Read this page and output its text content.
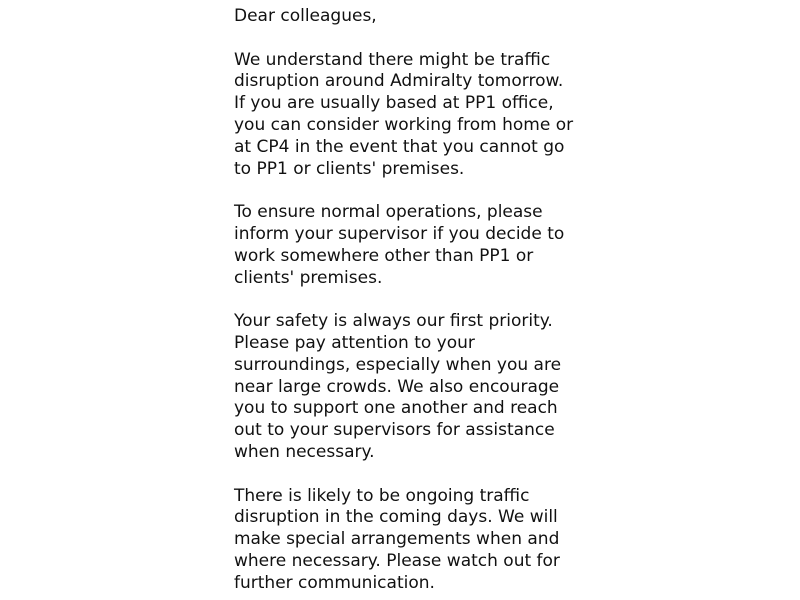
Dear colleagues,
We understand there might be traffic
disruption around Admiralty tomorrow.
If you are usually based at PP1 office,
you can consider working from home or
at CP4 in the event that you cannot go
to PP1 or clients' premises.
To ensure normal operations, please
inform your supervisor if you decide to
work somewhere other than PP1 or
clients' premises.
Your safety is always our first priority.
Please pay attention to your
surroundings, especially when you are
near large crowds. We also encourage
you to support one another and reach
out to your supervisors for assistance
when necessary.
There is likely to be ongoing traffic
disruption in the coming days. We will
make special arrangements when and
where necessary. Please watch out for
further communication.
